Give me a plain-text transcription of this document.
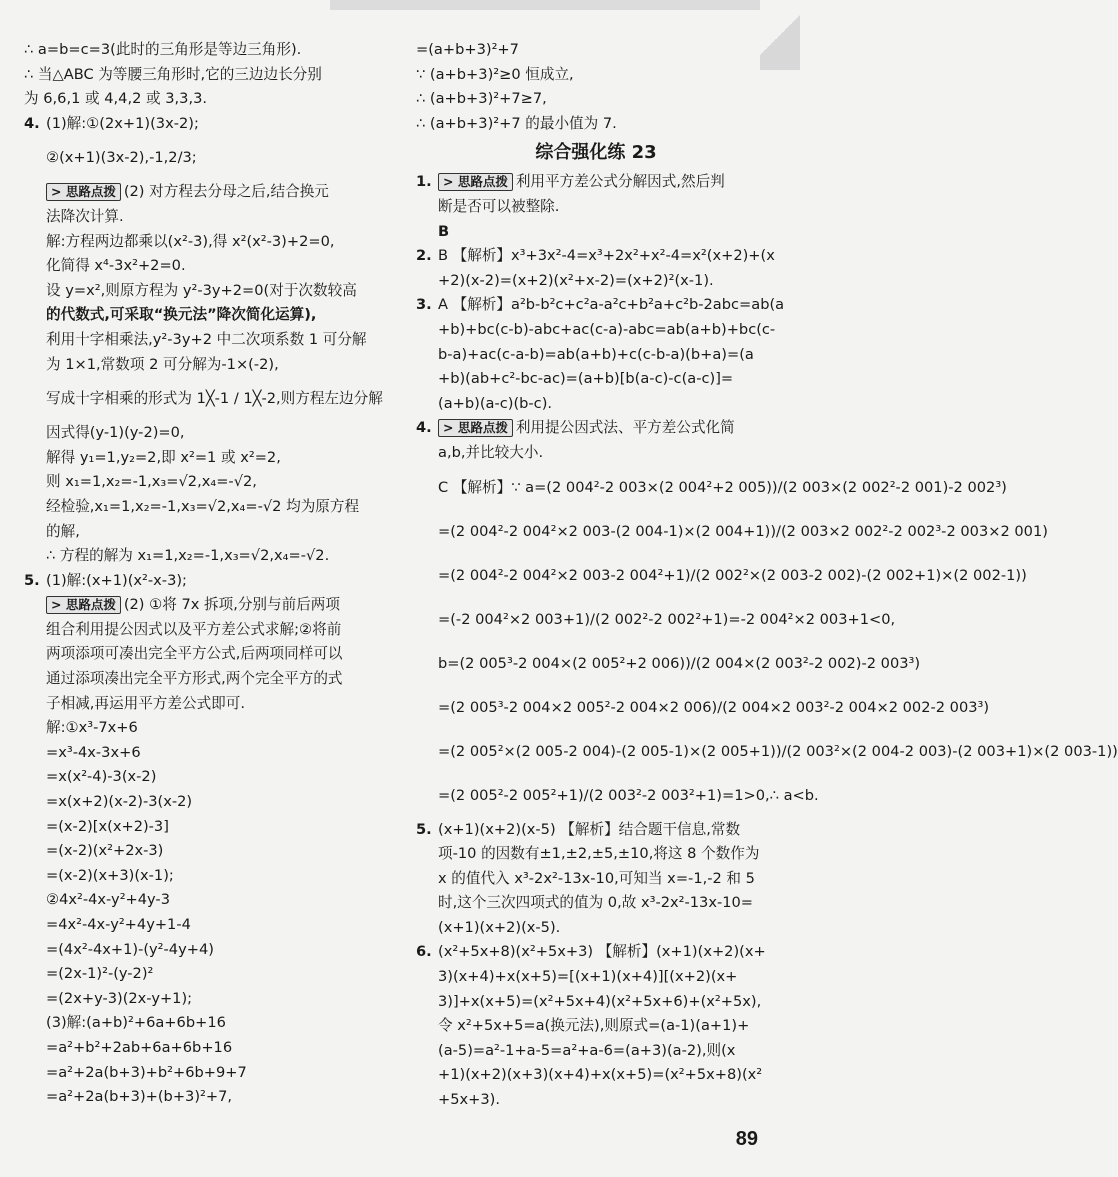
∴ a=b=c=3(此时的三角形是等边三角形).
∴ 当△ABC 为等腰三角形时,它的三边边长分别
为 6,6,1 或 4,4,2 或 3,3,3.
4. (1)解:①(2x+1)(3x-2);
②(x+1)(3x-2),-1,2/3;
> 思路点拨 (2) 对方程去分母之后,结合换元
法降次计算.
解:方程两边都乘以(x²-3),得 x²(x²-3)+2=0,
化简得 x⁴-3x²+2=0.
设 y=x²,则原方程为 y²-3y+2=0(对于次数较高
的代数式,可采取“换元法”降次简化运算),
利用十字相乘法,y²-3y+2 中二次项系数 1 可分解
为 1×1,常数项 2 可分解为-1×(-2),
写成十字相乘的形式为 1╳-1 / 1╳-2,则方程左边分解
因式得(y-1)(y-2)=0,
解得 y₁=1,y₂=2,即 x²=1 或 x²=2,
则 x₁=1,x₂=-1,x₃=√2,x₄=-√2,
经检验,x₁=1,x₂=-1,x₃=√2,x₄=-√2 均为原方程
的解,
∴ 方程的解为 x₁=1,x₂=-1,x₃=√2,x₄=-√2.
5. (1)解:(x+1)(x²-x-3);
> 思路点拨 (2) ①将 7x 拆项,分别与前后两项
组合利用提公因式以及平方差公式求解;②将前
两项添项可凑出完全平方公式,后两项同样可以
通过添项凑出完全平方形式,两个完全平方的式
子相减,再运用平方差公式即可.
解:①x³-7x+6
=x³-4x-3x+6
=x(x²-4)-3(x-2)
=x(x+2)(x-2)-3(x-2)
=(x-2)[x(x+2)-3]
=(x-2)(x²+2x-3)
=(x-2)(x+3)(x-1);
②4x²-4x-y²+4y-3
=4x²-4x-y²+4y+1-4
=(4x²-4x+1)-(y²-4y+4)
=(2x-1)²-(y-2)²
=(2x+y-3)(2x-y+1);
(3)解:(a+b)²+6a+6b+16
=a²+b²+2ab+6a+6b+16
=a²+2a(b+3)+b²+6b+9+7
=a²+2a(b+3)+(b+3)²+7,
=(a+b+3)²+7
∵ (a+b+3)²≥0 恒成立,
∴ (a+b+3)²+7≥7,
∴ (a+b+3)²+7 的最小值为 7.
综合强化练 23
1. > 思路点拨 利用平方差公式分解因式,然后判
断是否可以被整除.
B
2. B 【解析】x³+3x²-4=x³+2x²+x²-4=x²(x+2)+(x
+2)(x-2)=(x+2)(x²+x-2)=(x+2)²(x-1).
3. A 【解析】a²b-b²c+c²a-a²c+b²a+c²b-2abc=ab(a
+b)+bc(c-b)-abc+ac(c-a)-abc=ab(a+b)+bc(c-
b-a)+ac(c-a-b)=ab(a+b)+c(c-b-a)(b+a)=(a
+b)(ab+c²-bc-ac)=(a+b)[b(a-c)-c(a-c)]=
(a+b)(a-c)(b-c).
4. > 思路点拨 利用提公因式法、平方差公式化简
a,b,并比较大小.
C 【解析】∵ a=(2 004²-2 003×(2 004²+2 005))/(2 003×(2 002²-2 001)-2 002³)
=(2 004²-2 004²×2 003-(2 004-1)×(2 004+1))/(2 003×2 002²-2 002³-2 003×2 001)
=(2 004²-2 004²×2 003-2 004²+1)/(2 002²×(2 003-2 002)-(2 002+1)×(2 002-1))
=(-2 004²×2 003+1)/(2 002²-2 002²+1)=-2 004²×2 003+1<0,
b=(2 005³-2 004×(2 005²+2 006))/(2 004×(2 003²-2 002)-2 003³)
=(2 005³-2 004×2 005²-2 004×2 006)/(2 004×2 003²-2 004×2 002-2 003³)
=(2 005²×(2 005-2 004)-(2 005-1)×(2 005+1))/(2 003²×(2 004-2 003)-(2 003+1)×(2 003-1))
=(2 005²-2 005²+1)/(2 003²-2 003²+1)=1>0,∴ a<b.
5. (x+1)(x+2)(x-5) 【解析】结合题干信息,常数
项-10 的因数有±1,±2,±5,±10,将这 8 个数作为
x 的值代入 x³-2x²-13x-10,可知当 x=-1,-2 和 5
时,这个三次四项式的值为 0,故 x³-2x²-13x-10=
(x+1)(x+2)(x-5).
6. (x²+5x+8)(x²+5x+3) 【解析】(x+1)(x+2)(x+
3)(x+4)+x(x+5)=[(x+1)(x+4)][(x+2)(x+
3)]+x(x+5)=(x²+5x+4)(x²+5x+6)+(x²+5x),
令 x²+5x+5=a(换元法),则原式=(a-1)(a+1)+
(a-5)=a²-1+a-5=a²+a-6=(a+3)(a-2),则(x
+1)(x+2)(x+3)(x+4)+x(x+5)=(x²+5x+8)(x²
+5x+3).
89
